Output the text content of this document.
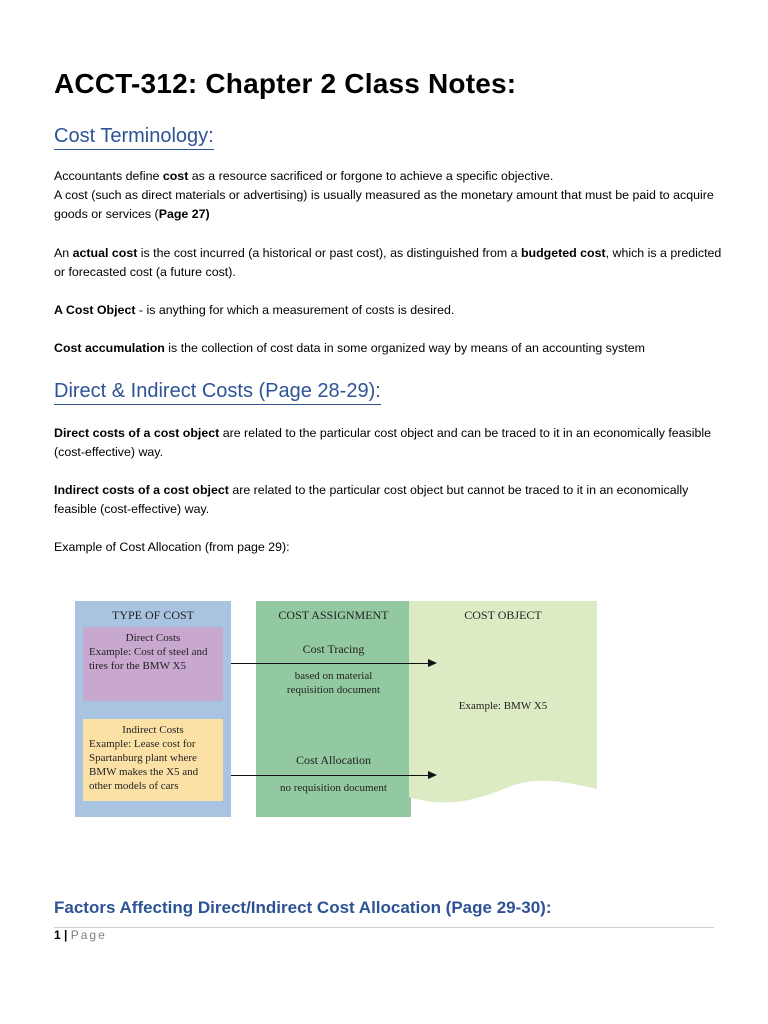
ACCT-312: Chapter 2 Class Notes:
Cost Terminology:

Accountants define cost as a resource sacrificed or forgone to achieve a specific objective.
A cost (such as direct materials or advertising) is usually measured as the monetary amount that must be paid to acquire goods or services (Page 27)

An actual cost is the cost incurred (a historical or past cost), as distinguished from a budgeted cost, which is a predicted or forecasted cost (a future cost).

A Cost Object - is anything for which a measurement of costs is desired.

Cost accumulation is the collection of cost data in some organized way by means of an accounting system

Direct & Indirect Costs (Page 28-29):

Direct costs of a cost object are related to the particular cost object and can be traced to it in an economically feasible (cost-effective) way.

Indirect costs of a cost object are related to the particular cost object but cannot be traced to it in an economically feasible (cost-effective) way.

Example of Cost Allocation (from page 29):

TYPE OF COST
Direct Costs
Example: Cost of steel and tires for the BMW X5
Indirect Costs
Example: Lease cost for Spartanburg plant where BMW makes the X5 and other models of cars
COST ASSIGNMENT
Cost Tracing
based on material requisition document
Cost Allocation
no requisition document
COST OBJECT
Example: BMW X5
Factors Affecting Direct/Indirect Cost Allocation (Page 29-30):
1 | Page
